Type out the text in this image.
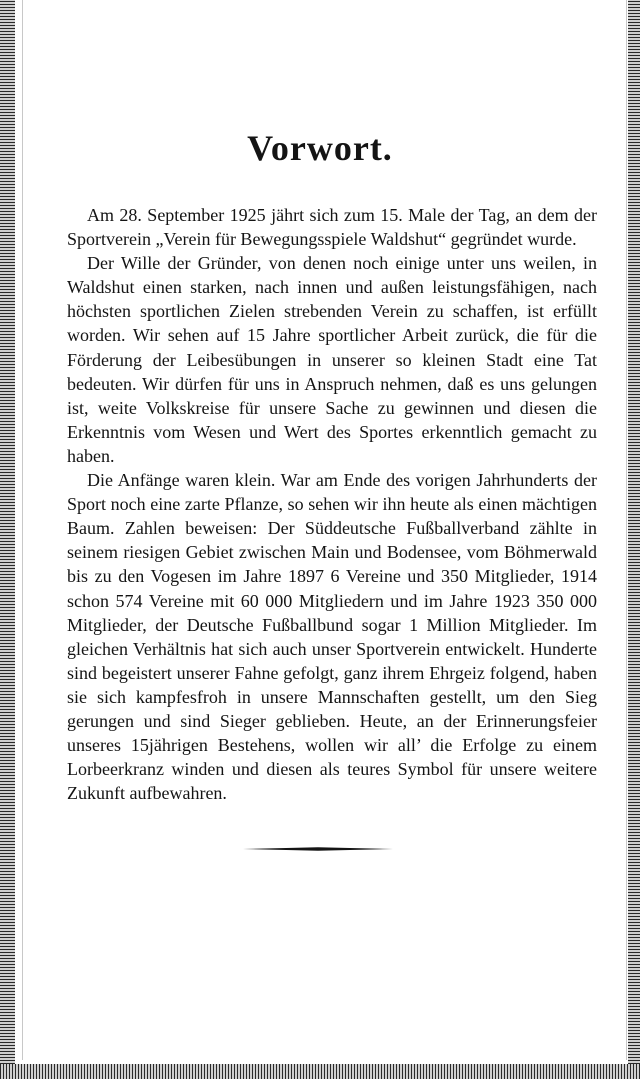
Vorwort.

Am 28. September 1925 jährt sich zum 15. Male der Tag, an dem der Sportverein „Verein für Bewegungsspiele Waldshut“ gegründet wurde.

Der Wille der Gründer, von denen noch einige unter uns weilen, in Waldshut einen starken, nach innen und außen leistungsfähigen, nach höchsten sportlichen Zielen strebenden Verein zu schaffen, ist erfüllt worden. Wir sehen auf 15 Jahre sportlicher Arbeit zurück, die für die Förderung der Leibesübungen in unserer so kleinen Stadt eine Tat bedeuten. Wir dürfen für uns in Anspruch nehmen, daß es uns gelungen ist, weite Volkskreise für unsere Sache zu gewinnen und diesen die Erkenntnis vom Wesen und Wert des Sportes erkenntlich gemacht zu haben.

Die Anfänge waren klein. War am Ende des vorigen Jahrhunderts der Sport noch eine zarte Pflanze, so sehen wir ihn heute als einen mächtigen Baum. Zahlen beweisen: Der Süddeutsche Fußballverband zählte in seinem riesigen Gebiet zwischen Main und Bodensee, vom Böhmerwald bis zu den Vogesen im Jahre 1897 6 Vereine und 350 Mitglieder, 1914 schon 574 Vereine mit 60 000 Mitgliedern und im Jahre 1923 350 000 Mitglieder, der Deutsche Fußballbund sogar 1 Million Mitglieder. Im gleichen Verhältnis hat sich auch unser Sportverein entwickelt. Hunderte sind begeistert unserer Fahne gefolgt, ganz ihrem Ehrgeiz folgend, haben sie sich kampfesfroh in unsere Mannschaften gestellt, um den Sieg gerungen und sind Sieger geblieben. Heute, an der Erinnerungsfeier unseres 15jährigen Bestehens, wollen wir all’ die Erfolge zu einem Lorbeerkranz winden und diesen als teures Symbol für unsere weitere Zukunft aufbewahren.
